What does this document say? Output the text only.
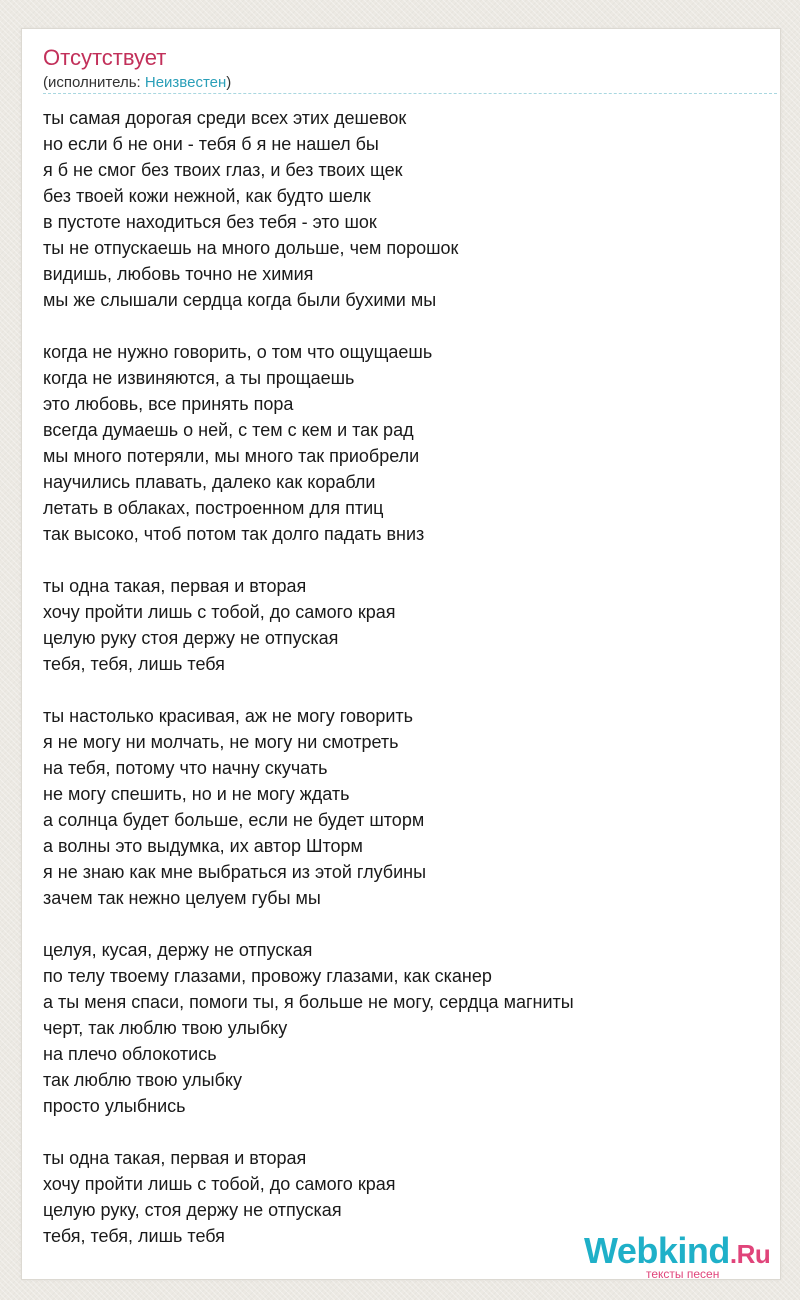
Отсутствует
(исполнитель: Неизвестен)
ты самая дорогая среди всех этих дешевок
но если б не они - тебя б я не нашел бы
я б не смог без твоих глаз, и без твоих щек
без твоей кожи нежной, как будто шелк
в пустоте находиться без тебя - это шок
ты не отпускаешь на много дольше, чем порошок
видишь, любовь точно не химия
мы же слышали сердца когда были бухими мы
когда не нужно говорить, о том что ощущаешь
когда не извиняются, а ты прощаешь
это любовь, все принять пора
всегда думаешь о ней, с тем с кем и так рад
мы много потеряли, мы много так приобрели
научились плавать, далеко как корабли
летать в облаках, построенном для птиц
так высоко, чтоб потом так долго падать вниз
ты одна такая, первая и вторая
хочу пройти лишь с тобой, до самого края
целую руку стоя держу не отпуская
тебя, тебя, лишь тебя
ты настолько красивая, аж не могу говорить
я не могу ни молчать, не могу ни смотреть
на тебя, потому что начну скучать
не могу спешить, но и не могу ждать
а солнца будет больше, если не будет шторм
а волны это выдумка, их автор Шторм
я не знаю как мне выбраться из этой глубины
зачем так нежно целуем губы мы
целуя, кусая, держу не отпуская
по телу твоему глазами, провожу глазами, как сканер
а ты меня спаси, помоги ты, я больше не могу, сердца магниты
черт, так люблю твою улыбку
на плечо облокотись
так люблю твою улыбку
просто улыбнись
ты одна такая, первая и вторая
хочу пройти лишь с тобой, до самого края
целую руку, стоя держу не отпуская
тебя, тебя, лишь тебя	Webkind.Ru
тексты песен
